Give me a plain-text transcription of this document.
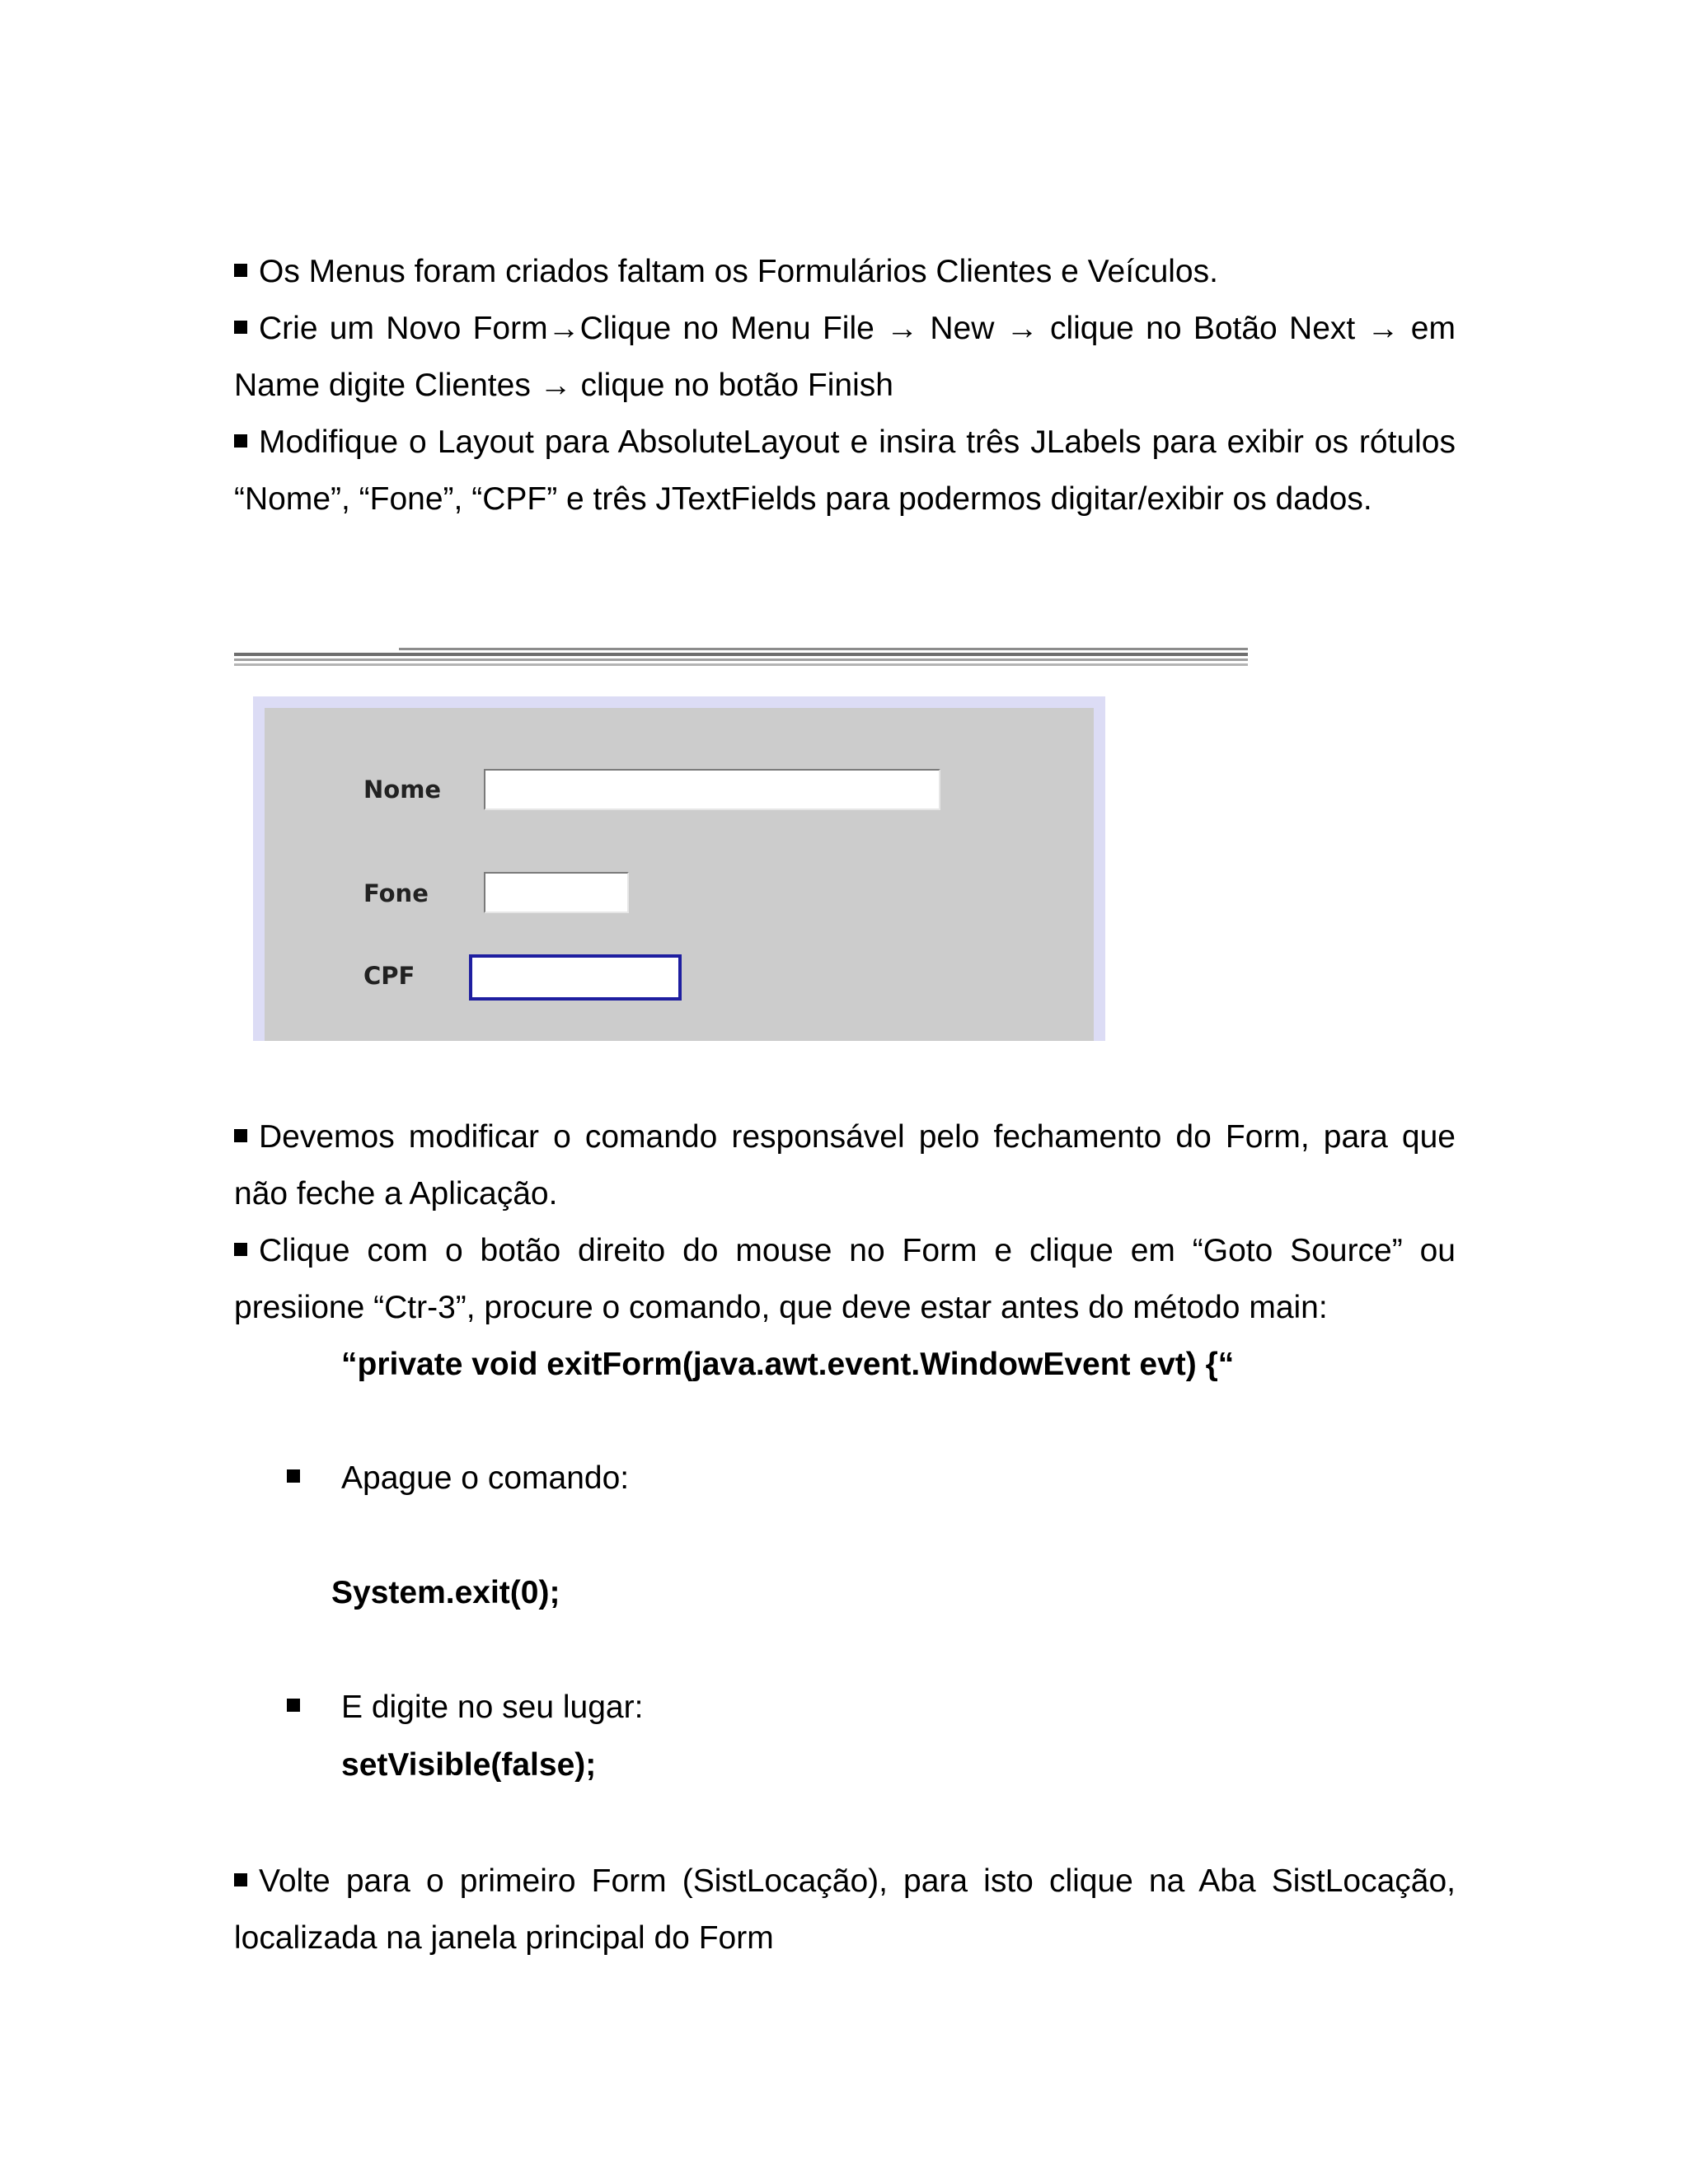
Os Menus foram criados faltam os Formulários Clientes e Veículos.

Crie um Novo Form→Clique no Menu File → New → clique no Botão Next → em Name digite Clientes → clique no botão Finish

Modifique o Layout para AbsoluteLayout e insira três JLabels para exibir os rótulos “Nome”, “Fone”, “CPF” e três JTextFields para podermos digitar/exibir os dados.

Nome
Fone
CPF

Devemos modificar o comando responsável pelo fechamento do Form, para que não feche a Aplicação.

Clique com o botão direito do mouse no Form e clique em “Goto Source” ou presiione “Ctr-3”, procure o comando, que deve estar antes do método main:

“private void exitForm(java.awt.event.WindowEvent evt) {“
Apague o comando:
System.exit(0);
E digite no seu lugar:
setVisible(false);

Volte para o primeiro Form (SistLocação), para isto clique na Aba SistLocação, localizada na janela principal do Form
